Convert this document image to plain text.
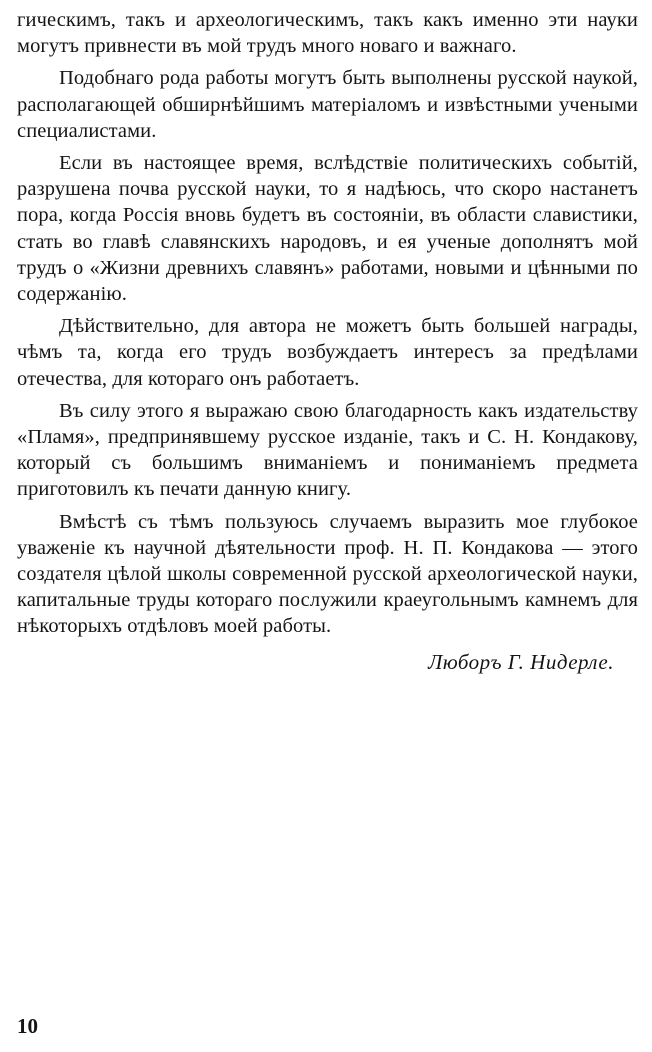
гическимъ, такъ и археологическимъ, такъ какъ именно эти науки могутъ привнести въ мой трудъ много новаго и важнаго.

Подобнаго рода работы могутъ быть выполнены русской наукой, располагающей обширнѣйшимъ матеріаломъ и извѣстными учеными специалистами.

Если въ настоящее время, вслѣдствіе политическихъ событій, разрушена почва русской науки, то я надѣюсь, что скоро настанетъ пора, когда Россія вновь будетъ въ состояніи, въ области славистики, стать во главѣ славянскихъ народовъ, и ея ученые дополнятъ мой трудъ о «Жизни древнихъ славянъ» работами, новыми и цѣнными по содержанію.

Дѣйствительно, для автора не можетъ быть большей награды, чѣмъ та, когда его трудъ возбуждаетъ интересъ за предѣлами отечества, для котораго онъ работаетъ.

Въ силу этого я выражаю свою благодарность какъ издательству «Пламя», предпринявшему русское изданіе, такъ и С. Н. Кондакову, который съ большимъ вниманіемъ и пониманіемъ предмета приготовилъ къ печати данную книгу.

Вмѣстѣ съ тѣмъ пользуюсь случаемъ выразить мое глубокое уваженіе къ научной дѣятельности проф. Н. П. Кондакова — этого создателя цѣлой школы современной русской археологической науки, капитальные труды котораго послужили краеугольнымъ камнемъ для нѣкоторыхъ отдѣловъ моей работы.

Люборъ Г. Нидерле.
10
